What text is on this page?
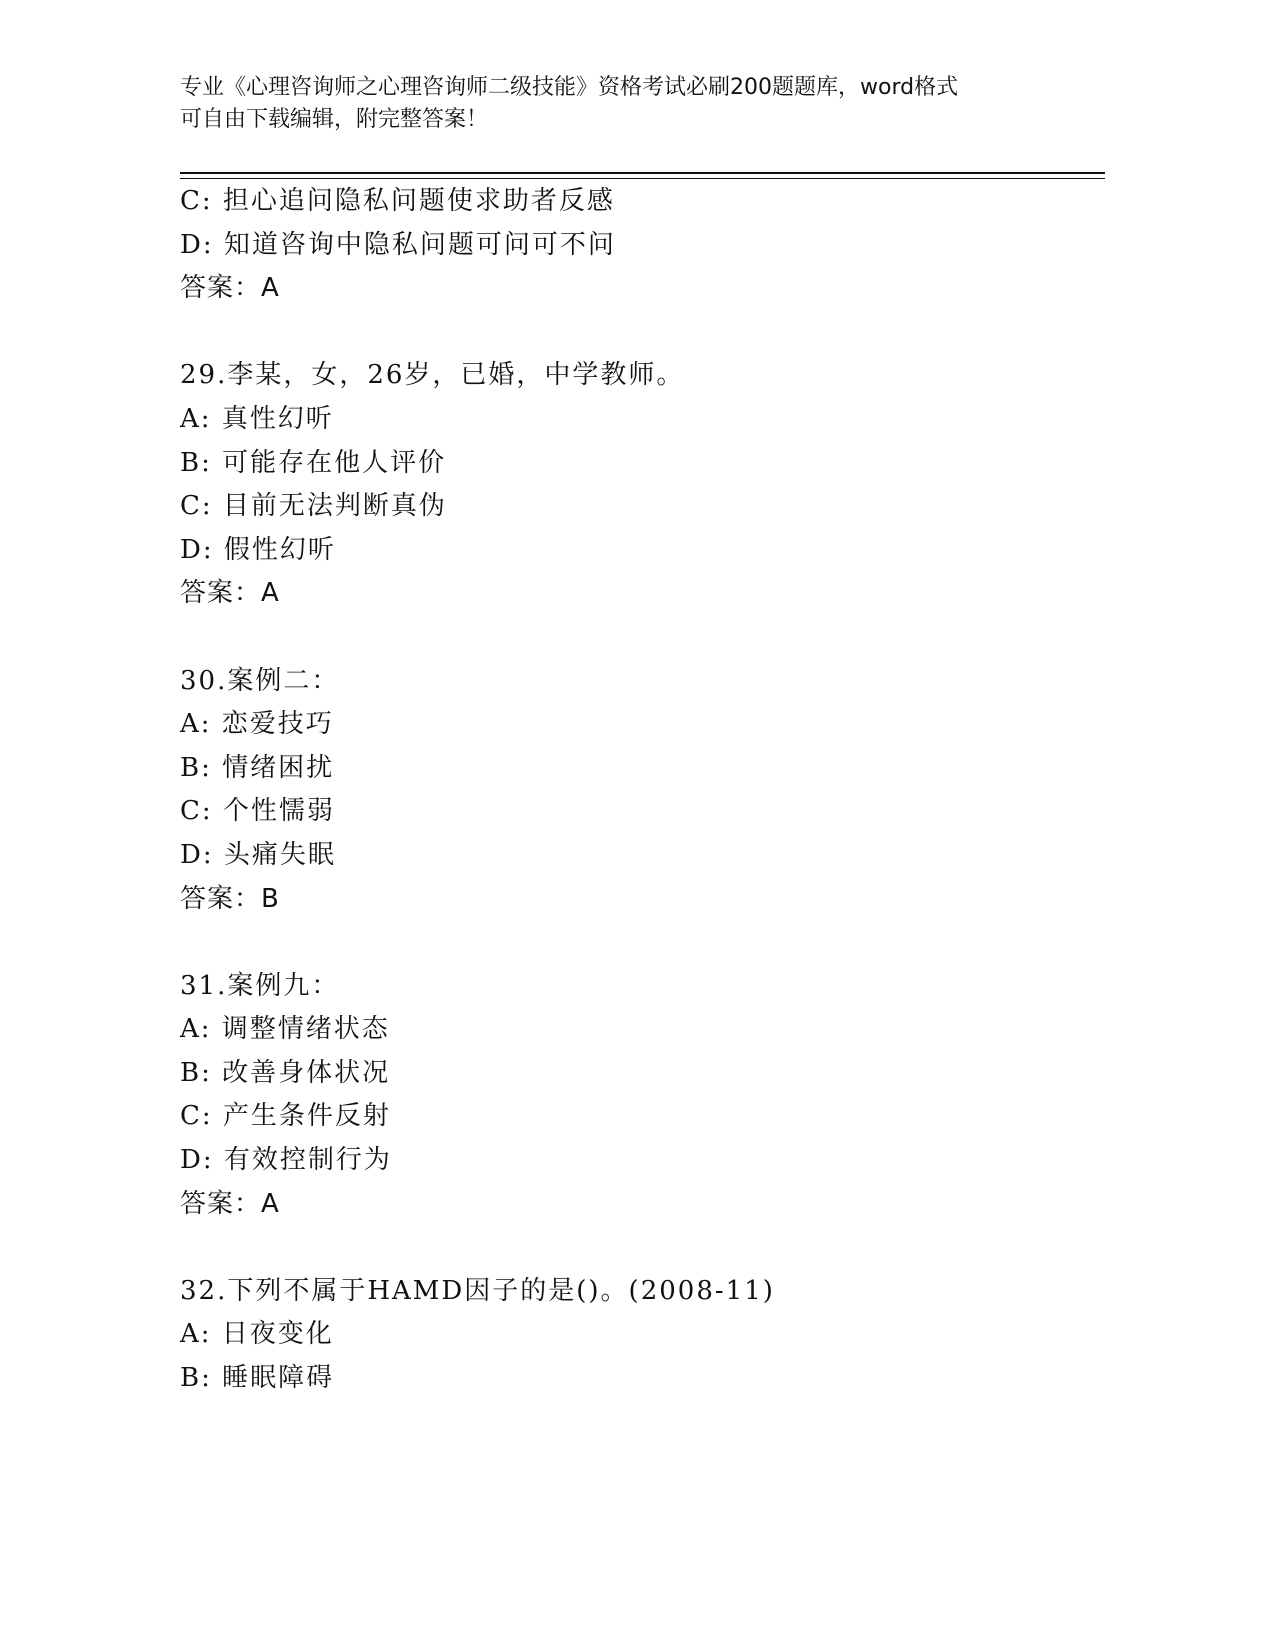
专业《心理咨询师之心理咨询师二级技能》资格考试必刷200题题库，word格式
可自由下载编辑，附完整答案！
C: 担心追问隐私问题使求助者反感
D: 知道咨询中隐私问题可问可不问
答案：A
29.李某，女，26岁，已婚，中学教师。
A: 真性幻听
B: 可能存在他人评价
C: 目前无法判断真伪
D: 假性幻听
答案：A
30.案例二：
A: 恋爱技巧
B: 情绪困扰
C: 个性懦弱
D: 头痛失眠
答案：B
31.案例九：
A: 调整情绪状态
B: 改善身体状况
C: 产生条件反射
D: 有效控制行为
答案：A
32.下列不属于HAMD因子的是()。(2008-11)
A: 日夜变化
B: 睡眠障碍
